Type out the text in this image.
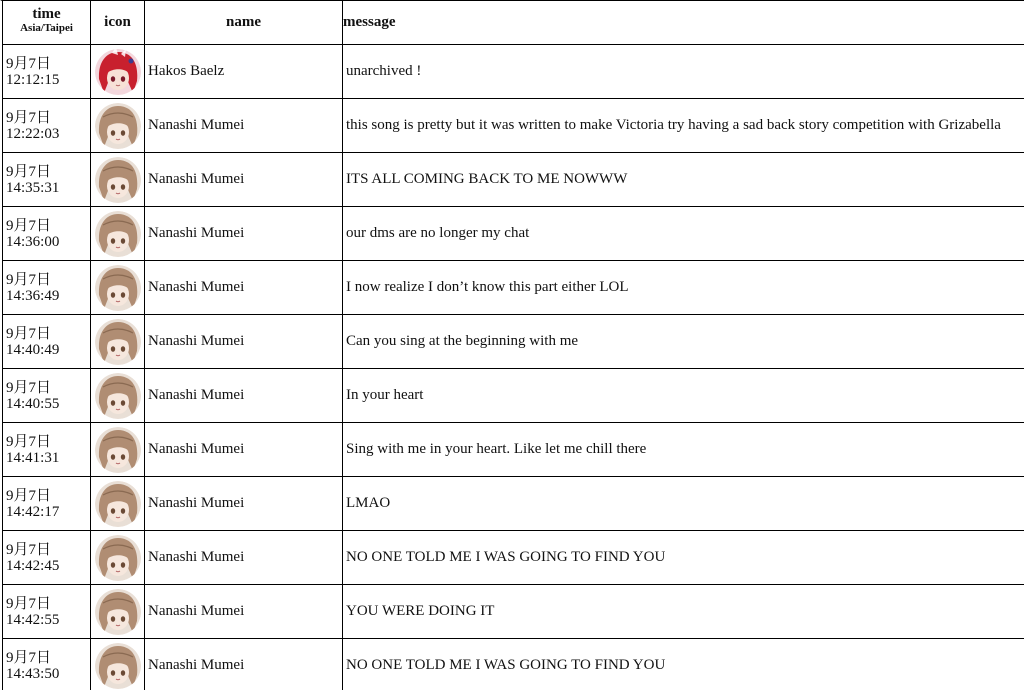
time
Asia/Taipei	icon	name	message

9月7日
12:12:15		Hakos Baelz	unarchived !

9月7日
12:22:03		Nanashi Mumei	this song is pretty but it was written to make Victoria try having a sad back story competition with Grizabella

9月7日
14:35:31		Nanashi Mumei	ITS ALL COMING BACK TO ME NOWWW

9月7日
14:36:00		Nanashi Mumei	our dms are no longer my chat

9月7日
14:36:49		Nanashi Mumei	I now realize I don’t know this part either LOL

9月7日
14:40:49		Nanashi Mumei	Can you sing at the beginning with me

9月7日
14:40:55		Nanashi Mumei	In your heart

9月7日
14:41:31		Nanashi Mumei	Sing with me in your heart. Like let me chill there

9月7日
14:42:17		Nanashi Mumei	LMAO

9月7日
14:42:45		Nanashi Mumei	NO ONE TOLD ME I WAS GOING TO FIND YOU

9月7日
14:42:55		Nanashi Mumei	YOU WERE DOING IT

9月7日
14:43:50		Nanashi Mumei	NO ONE TOLD ME I WAS GOING TO FIND YOU
